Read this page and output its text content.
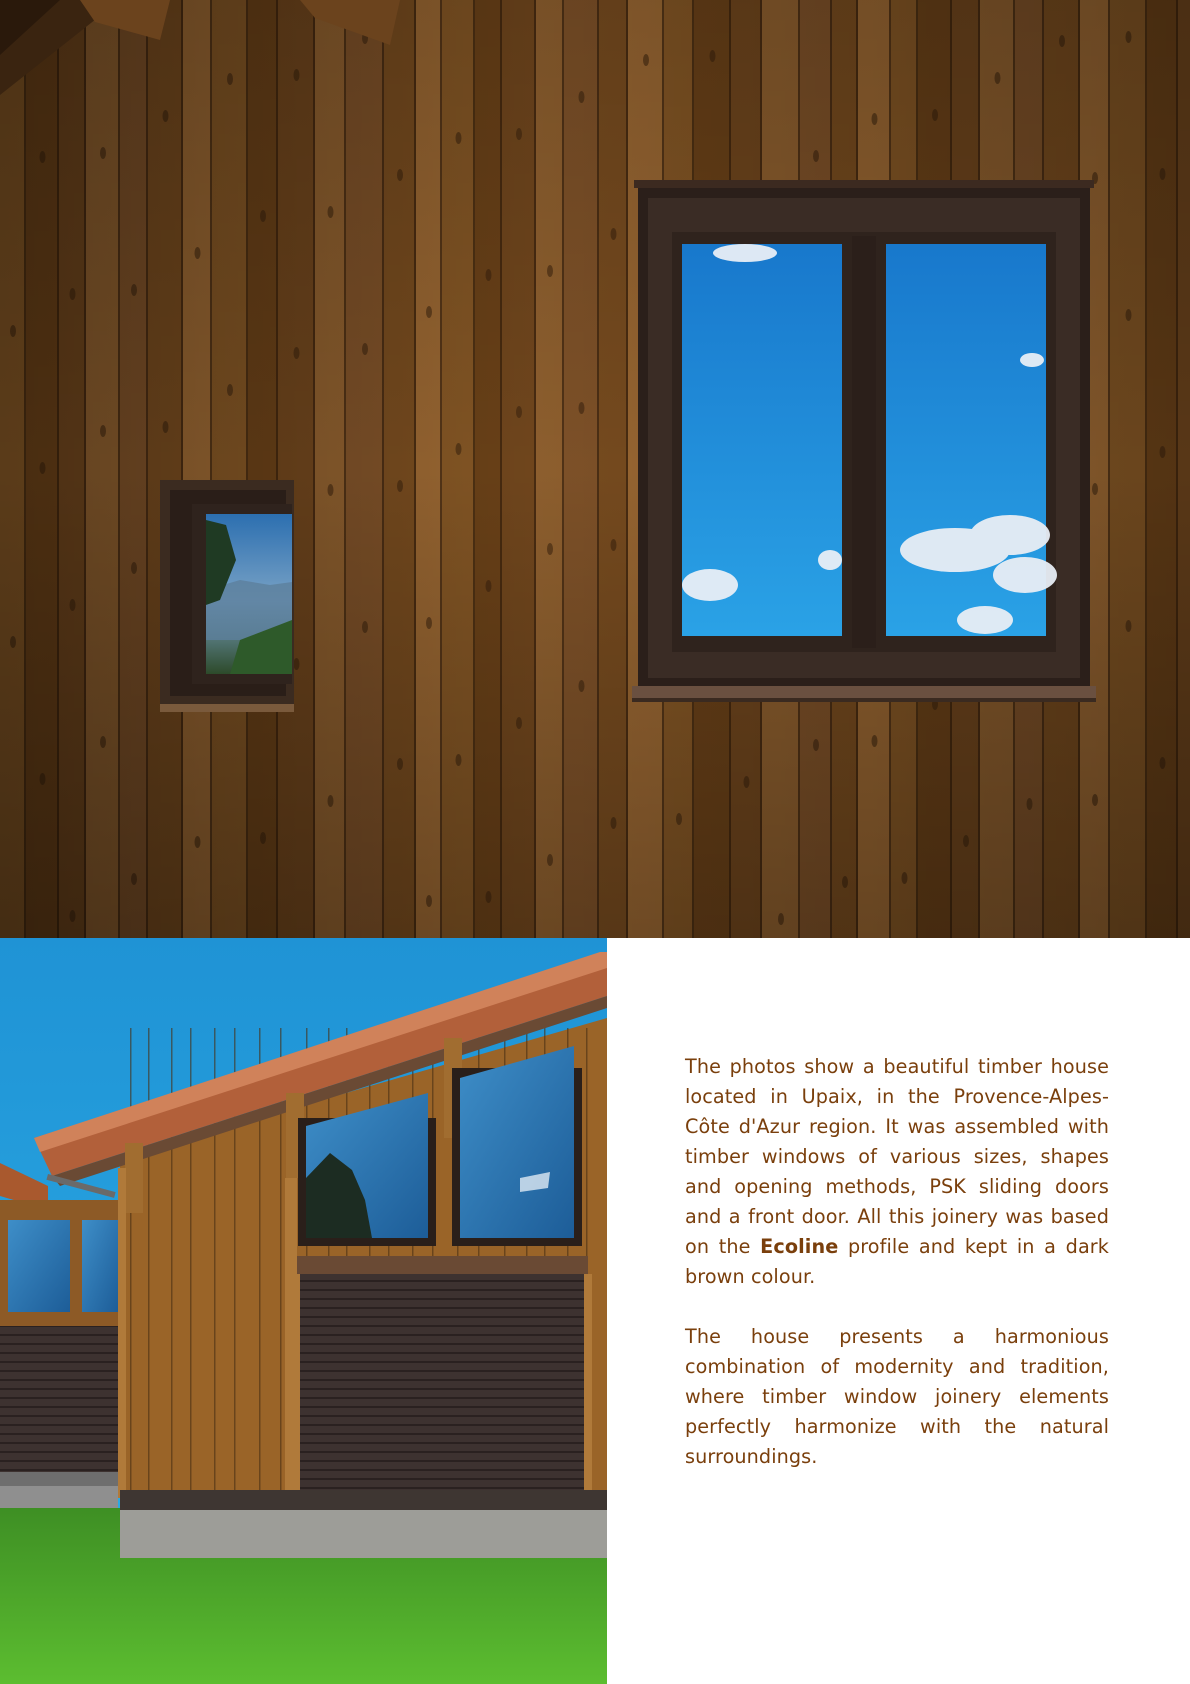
The photos show a beautiful timber house located in Upaix, in the Provence-Alpes-Côte d'Azur region. It was assembled with timber windows of various sizes, shapes and opening methods, PSK sliding doors and a front door. All this joinery was based on the Ecoline profile and kept in a dark brown colour.

The house presents a harmonious combination of modernity and tradition, where timber window joinery elements perfectly harmonize with the natural surroundings.
